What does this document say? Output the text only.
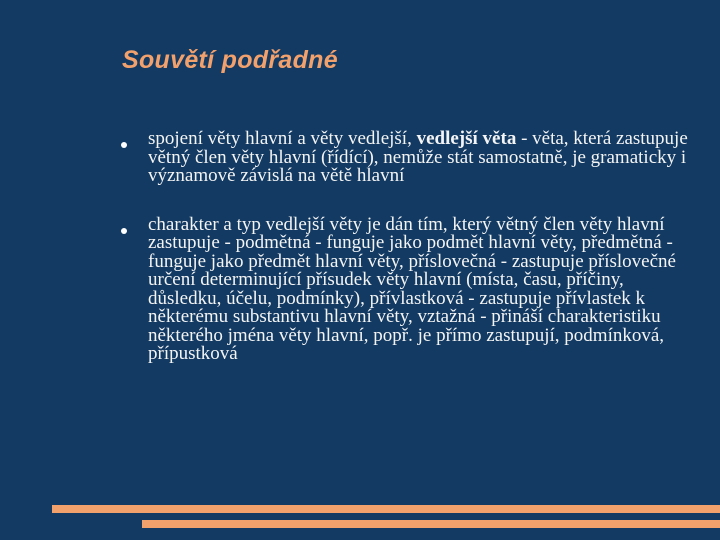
Souvětí podřadné
spojení věty hlavní a věty vedlejší, vedlejší věta - věta, která zastupuje větný člen věty hlavní (řídící), nemůže stát samostatně, je gramaticky i významově závislá na větě hlavní
charakter a typ vedlejší věty je dán tím, který větný člen věty hlavní zastupuje - podmětná - funguje jako podmět hlavní věty, předmětná - funguje jako předmět hlavní věty, příslovečná - zastupuje příslovečné určení determinující přísudek věty hlavní (místa, času, příčiny, důsledku, účelu, podmínky), přívlastková - zastupuje přívlastek k některému substantivu hlavní věty, vztažná - přináší charakteristiku některého jména věty hlavní, popř. je přímo zastupují, podmínková, přípustková
